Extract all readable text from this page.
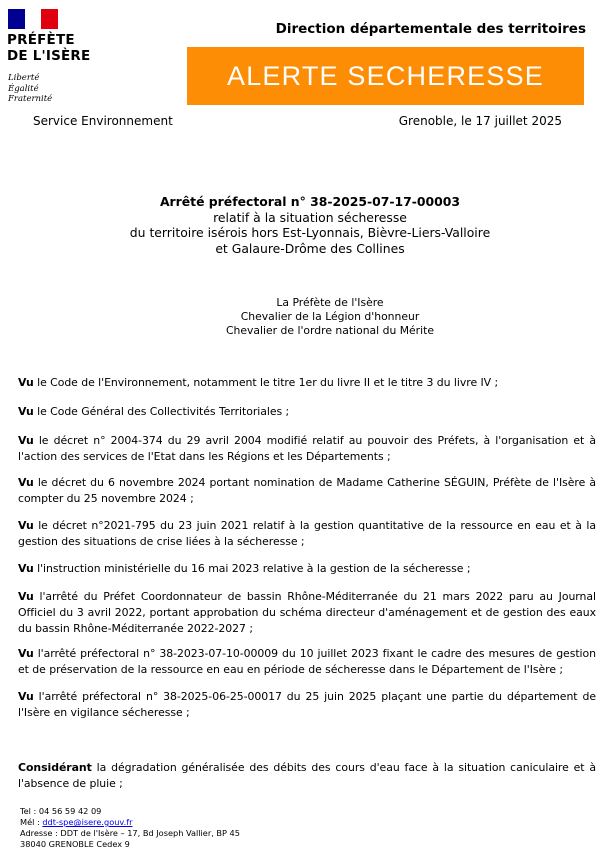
PRÉFÈTE
DE L'ISÈRE
Liberté
Égalité
Fraternité
Direction départementale des territoires
ALERTE SECHERESSE
Service Environnement	Grenoble, le 17 juillet 2025
Arrêté préfectoral n° 38-2025-07-17-00003
relatif à la situation sécheresse
du territoire isérois hors Est-Lyonnais, Bièvre-Liers-Valloire
et Galaure-Drôme des Collines
La Préfète de l'Isère
Chevalier de la Légion d'honneur
Chevalier de l'ordre national du Mérite
Vu le Code de l'Environnement, notamment le titre 1er du livre II et le titre 3 du livre IV ;
Vu le Code Général des Collectivités Territoriales ;
Vu le décret n° 2004-374 du 29 avril 2004 modifié relatif au pouvoir des Préfets, à l'organisation et à l'action des services de l'Etat dans les Régions et les Départements ;
Vu le décret du 6 novembre 2024 portant nomination de Madame Catherine SÉGUIN, Préfète de l'Isère à compter du 25 novembre 2024 ;
Vu le décret n°2021-795 du 23 juin 2021 relatif à la gestion quantitative de la ressource en eau et à la gestion des situations de crise liées à la sécheresse ;
Vu l'instruction ministérielle du 16 mai 2023 relative à la gestion de la sécheresse ;
Vu l'arrêté du Préfet Coordonnateur de bassin Rhône-Méditerranée du 21 mars 2022 paru au Journal Officiel du 3 avril 2022, portant approbation du schéma directeur d'aménagement et de gestion des eaux du bassin Rhône-Méditerranée 2022-2027 ;
Vu l'arrêté préfectoral n° 38-2023-07-10-00009 du 10 juillet 2023 fixant le cadre des mesures de gestion et de préservation de la ressource en eau en période de sécheresse dans le Département de l'Isère ;
Vu l'arrêté préfectoral n° 38-2025-06-25-00017 du 25 juin 2025 plaçant une partie du département de l'Isère en vigilance sécheresse ;
Considérant la dégradation généralisée des débits des cours d'eau face à la situation caniculaire et à l'absence de pluie ;
Tel : 04 56 59 42 09
Mél : ddt-spe@isere.gouv.fr
Adresse : DDT de l'Isère – 17, Bd Joseph Vallier, BP 45
38040 GRENOBLE Cedex 9
